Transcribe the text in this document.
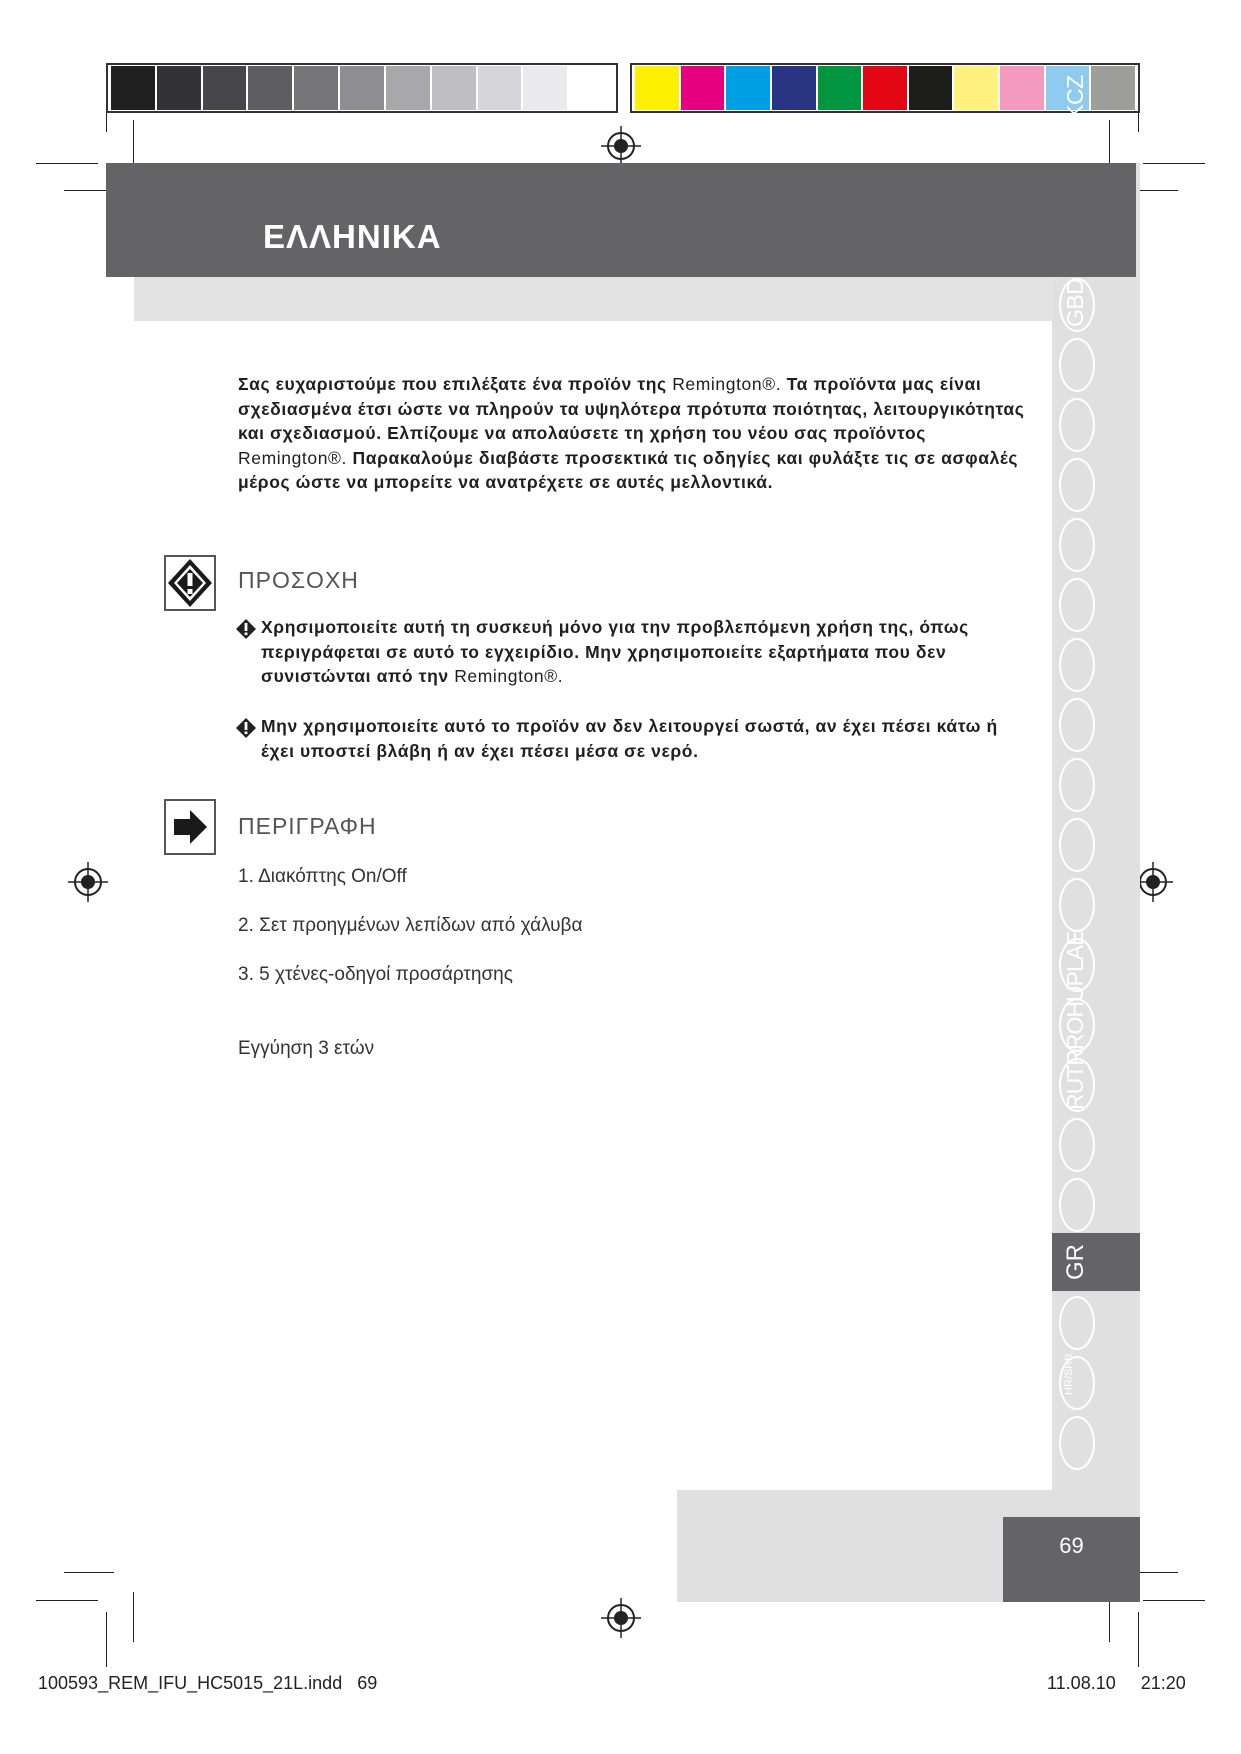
RUTRROHUPLAE
GR
HR/SRB
ΕΛΛΗΝΙΚΑ
Σας ευχαριστούμε που επιλέξατε ένα προϊόν της Remington®. Τα προϊόντα μας είναι σχεδιασμένα έτσι ώστε να πληρούν τα υψηλότερα πρότυπα ποιότητας, λειτουργικότητας και σχεδιασμού. Ελπίζουμε να απολαύσετε τη χρήση του νέου σας προϊόντος Remington®. Παρακαλούμε διαβάστε προσεκτικά τις οδηγίες και φυλάξτε τις σε ασφαλές μέρος ώστε να μπορείτε να ανατρέχετε σε αυτές μελλοντικά.
ΠΡΟΣΟΧΗ
Χρησιμοποιείτε αυτή τη συσκευή μόνο για την προβλεπόμενη χρήση της, όπως περιγράφεται σε αυτό το εγχειρίδιο. Μην χρησιμοποιείτε εξαρτήματα που δεν συνιστώνται από την Remington®.
Μην χρησιμοποιείτε αυτό το προϊόν αν δεν λειτουργεί σωστά, αν έχει πέσει κάτω ή έχει υποστεί βλάβη ή αν έχει πέσει μέσα σε νερό.
ΠΕΡΙΓΡΑΦΗ
1. Διακόπτης On/Off
2. Σετ προηγμένων λεπίδων από χάλυβα
3. 5 χτένες-οδηγοί προσάρτησης
Εγγύηση 3 ετών
69
100593_REM_IFU_HC5015_21L.indd 69	11.08.10 21:20
